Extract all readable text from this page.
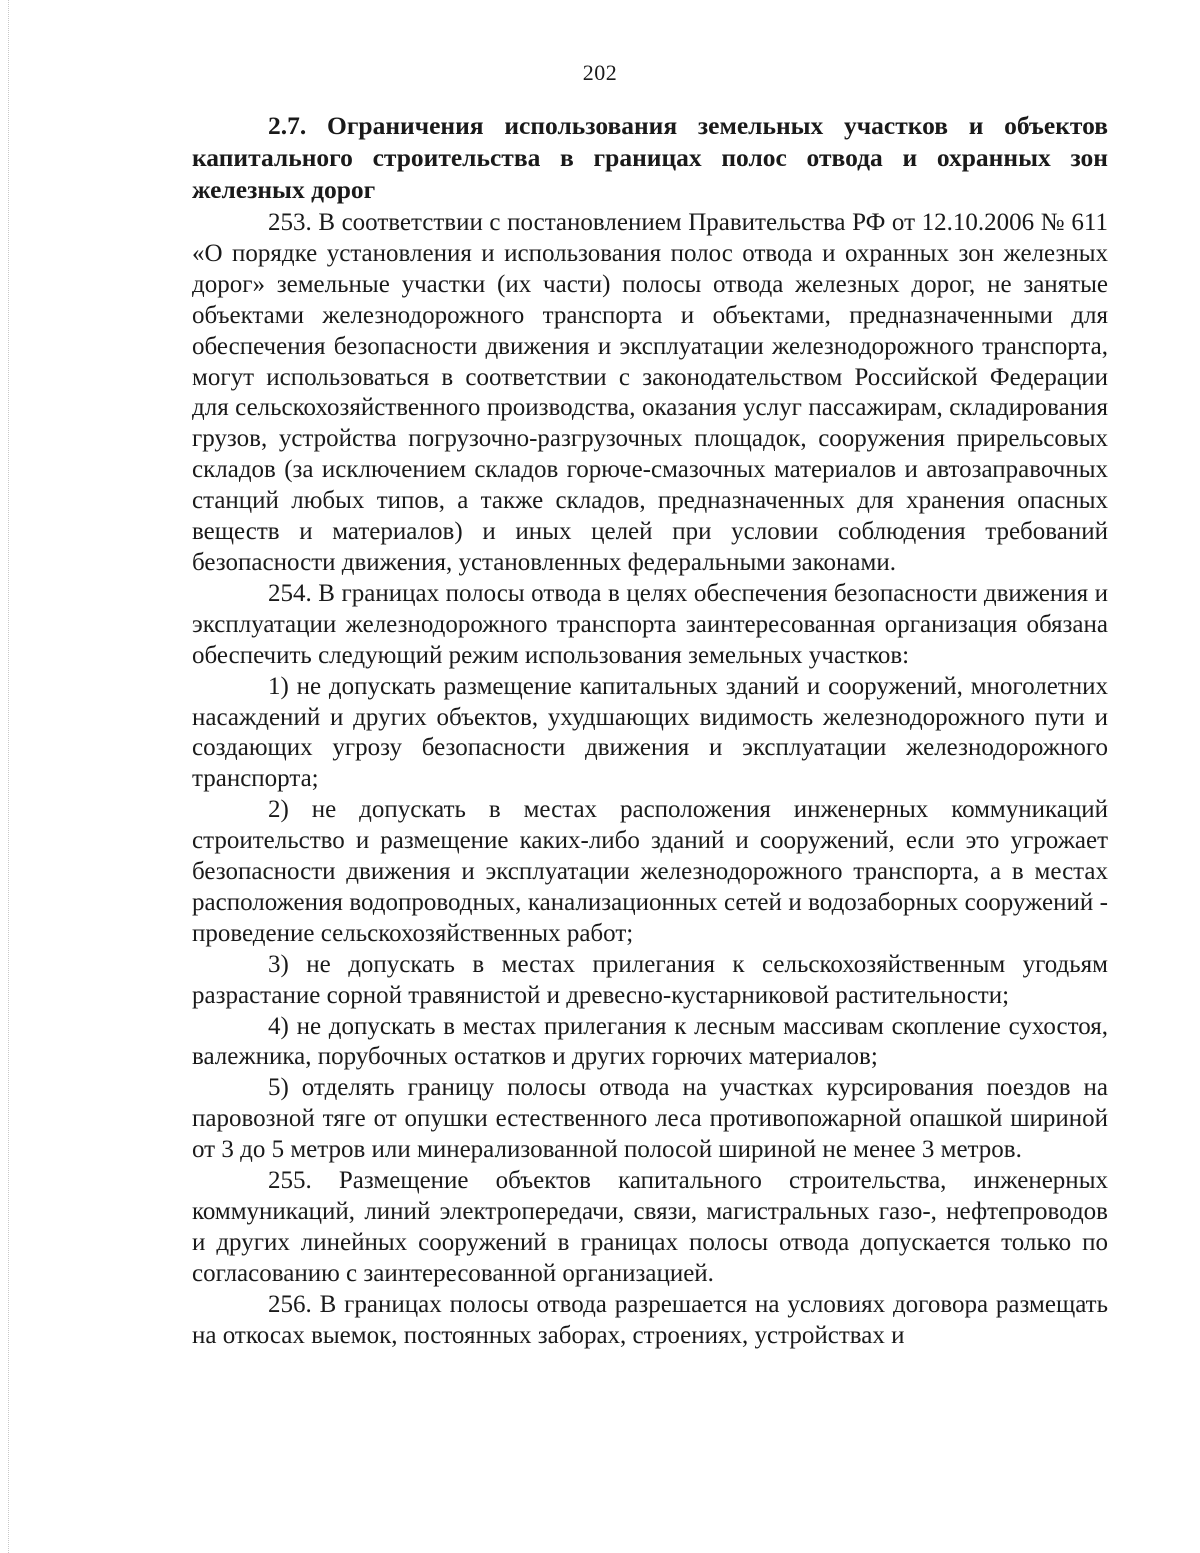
202

2.7. Ограничения использования земельных участков и объектов капитального строительства в границах полос отвода и охранных зон железных дорог

253. В соответствии с постановлением Правительства РФ от 12.10.2006 № 611 «О порядке установления и использования полос отвода и охранных зон железных дорог» земельные участки (их части) полосы отвода железных дорог, не занятые объектами железнодорожного транспорта и объектами, предназначенными для обеспечения безопасности движения и эксплуатации железнодорожного транспорта, могут использоваться в соответствии с законодательством Российской Федерации для сельскохозяйственного производства, оказания услуг пассажирам, складирования грузов, устройства погрузочно-разгрузочных площадок, сооружения прирельсовых складов (за исключением складов горюче-смазочных материалов и автозаправочных станций любых типов, а также складов, предназначенных для хранения опасных веществ и материалов) и иных целей при условии соблюдения требований безопасности движения, установленных федеральными законами.

254. В границах полосы отвода в целях обеспечения безопасности движения и эксплуатации железнодорожного транспорта заинтересованная организация обязана обеспечить следующий режим использования земельных участков:

1) не допускать размещение капитальных зданий и сооружений, многолетних насаждений и других объектов, ухудшающих видимость железнодорожного пути и создающих угрозу безопасности движения и эксплуатации железнодорожного транспорта;

2) не допускать в местах расположения инженерных коммуникаций строительство и размещение каких-либо зданий и сооружений, если это угрожает безопасности движения и эксплуатации железнодорожного транспорта, а в местах расположения водопроводных, канализационных сетей и водозаборных сооружений - проведение сельскохозяйственных работ;

3) не допускать в местах прилегания к сельскохозяйственным угодьям разрастание сорной травянистой и древесно-кустарниковой растительности;

4) не допускать в местах прилегания к лесным массивам скопление сухостоя, валежника, порубочных остатков и других горючих материалов;

5) отделять границу полосы отвода на участках курсирования поездов на паровозной тяге от опушки естественного леса противопожарной опашкой шириной от 3 до 5 метров или минерализованной полосой шириной не менее 3 метров.

255. Размещение объектов капитального строительства, инженерных коммуникаций, линий электропередачи, связи, магистральных газо-, нефтепроводов и других линейных сооружений в границах полосы отвода допускается только по согласованию с заинтересованной организацией.

256. В границах полосы отвода разрешается на условиях договора размещать на откосах выемок, постоянных заборах, строениях, устройствах и
